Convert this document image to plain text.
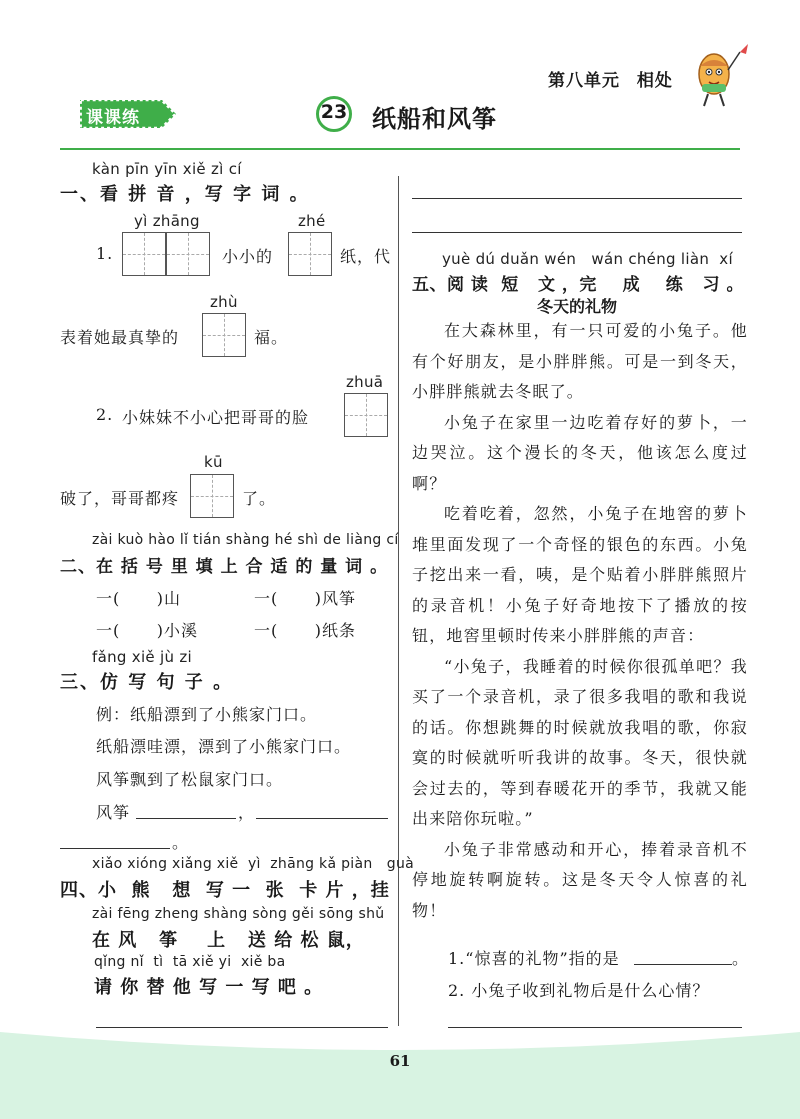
第八单元 相处
课课练	23 纸船和风筝
kàn pīn yīn xiě zì cí
一、看 拼 音 ，写 字 词 。
yì zhāng	zhé
1.	小小的	纸，代
zhù
表着她最真挚的	福。
zhuā
2. 小妹妹不小心把哥哥的脸
kū
破了，哥哥都疼	了。
zài kuò hào lǐ tián shàng hé shì de liàng cí
二、在 括 号 里 填 上 合 适 的 量 词 。
一(      )山	一(      )风筝
一(      )小溪	一(      )纸条
fǎng xiě jù zi
三、仿 写 句 子 。
例：纸船漂到了小熊家门口。
纸船漂哇漂，漂到了小熊家门口。
风筝飘到了松鼠家门口。
风筝	，
。
xiǎo xióng xiǎng xiě  yì  zhāng kǎ piàn   guà
四、小  熊   想  写 一  张  卡 片 ，挂
zài fēng zheng shàng sòng gěi sōng shǔ
在 风   筝    上   送 给 松 鼠，
qǐng nǐ  tì  tā xiě yi  xiě ba
请 你 替 他 写 一 写 吧 。
yuè dú duǎn wén   wán chéng liàn  xí
五、阅 读  短   文 ，完    成    练   习 。
冬天的礼物

在大森林里，有一只可爱的小兔子。他有个好朋友，是小胖胖熊。可是一到冬天，小胖胖熊就去冬眠了。

小兔子在家里一边吃着存好的萝卜，一边哭泣。这个漫长的冬天，他该怎么度过啊？

吃着吃着，忽然，小兔子在地窖的萝卜堆里面发现了一个奇怪的银色的东西。小兔子挖出来一看，咦，是个贴着小胖胖熊照片的录音机！小兔子好奇地按下了播放的按钮，地窖里顿时传来小胖胖熊的声音：

“小兔子，我睡着的时候你很孤单吧？我买了一个录音机，录了很多我唱的歌和我说的话。你想跳舞的时候就放我唱的歌，你寂寞的时候就听听我讲的故事。冬天，很快就会过去的，等到春暖花开的季节，我就又能出来陪你玩啦。”

小兔子非常感动和开心，捧着录音机不停地旋转啊旋转。这是冬天令人惊喜的礼物！

1.“惊喜的礼物”指的是	。
2. 小兔子收到礼物后是什么心情？
61
